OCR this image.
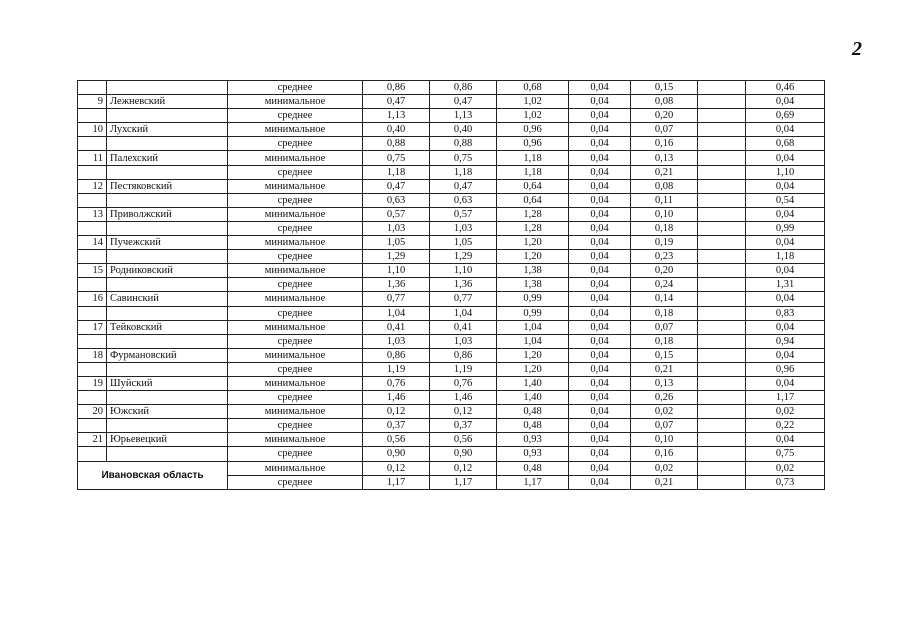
2
		среднее	0,86	0,86	0,68	0,04	0,15		0,46
9	Лежневский	минимальное	0,47	0,47	1,02	0,04	0,08		0,04
		среднее	1,13	1,13	1,02	0,04	0,20		0,69
10	Лухский	минимальное	0,40	0,40	0,96	0,04	0,07		0,04
		среднее	0,88	0,88	0,96	0,04	0,16		0,68
11	Палехский	минимальное	0,75	0,75	1,18	0,04	0,13		0,04
		среднее	1,18	1,18	1,18	0,04	0,21		1,10
12	Пестяковский	минимальное	0,47	0,47	0,64	0,04	0,08		0,04
		среднее	0,63	0,63	0,64	0,04	0,11		0,54
13	Приволжский	минимальное	0,57	0,57	1,28	0,04	0,10		0,04
		среднее	1,03	1,03	1,28	0,04	0,18		0,99
14	Пучежский	минимальное	1,05	1,05	1,20	0,04	0,19		0,04
		среднее	1,29	1,29	1,20	0,04	0,23		1,18
15	Родниковский	минимальное	1,10	1,10	1,38	0,04	0,20		0,04
		среднее	1,36	1,36	1,38	0,04	0,24		1,31
16	Савинский	минимальное	0,77	0,77	0,99	0,04	0,14		0,04
		среднее	1,04	1,04	0,99	0,04	0,18		0,83
17	Тейковский	минимальное	0,41	0,41	1,04	0,04	0,07		0,04
		среднее	1,03	1,03	1,04	0,04	0,18		0,94
18	Фурмановский	минимальное	0,86	0,86	1,20	0,04	0,15		0,04
		среднее	1,19	1,19	1,20	0,04	0,21		0,96
19	Шуйский	минимальное	0,76	0,76	1,40	0,04	0,13		0,04
		среднее	1,46	1,46	1,40	0,04	0,26		1,17
20	Южский	минимальное	0,12	0,12	0,48	0,04	0,02		0,02
		среднее	0,37	0,37	0,48	0,04	0,07		0,22
21	Юрьевецкий	минимальное	0,56	0,56	0,93	0,04	0,10		0,04
		среднее	0,90	0,90	0,93	0,04	0,16		0,75
Ивановская область		минимальное	0,12	0,12	0,48	0,04	0,02		0,02
		среднее	1,17	1,17	1,17	0,04	0,21		0,73
